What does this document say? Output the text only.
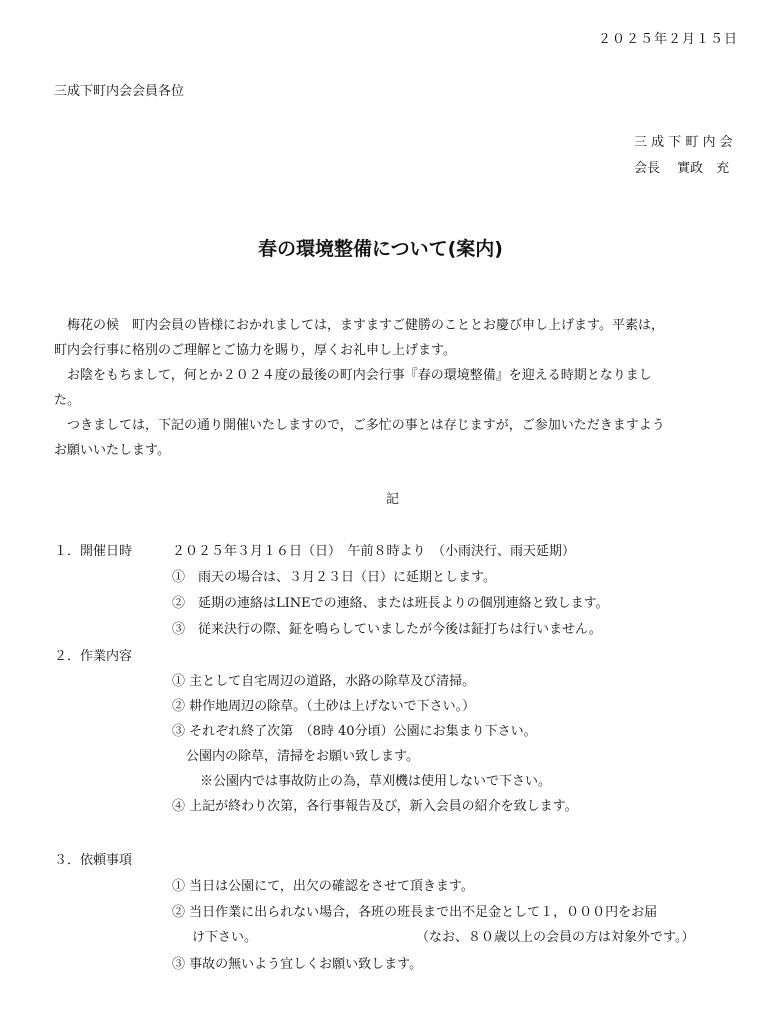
２０２５年２月１５日
三成下町内会会員各位
三 成 下 町 内 会
会長　 實政　充
春の環境整備について(案内)
　梅花の候　町内会員の皆様におかれましては，ますますご健勝のこととお慶び申し上げます。平素は，
町内会行事に格別のご理解とご協力を賜り，厚くお礼申し上げます。
　お陰をもちまして，何とか２０２４度の最後の町内会行事『春の環境整備』を迎える時期となりまし
た。
　つきましては，下記の通り開催いたしますので，ご多忙の事とは存じますが，ご参加いただきますよう
お願いいたします。
記
１．開催日時	２０２５年３月１６日（日）　午前８時より　（小雨決行、雨天延期）
①　雨天の場合は、３月２３日（日）に延期とします。
②　延期の連絡はLINEでの連絡、または班長よりの個別連絡と致します。
③　従来決行の際、鉦を鳴らしていましたが今後は鉦打ちは行いません。
２．作業内容
① 主として自宅周辺の道路，水路の除草及び清掃。
② 耕作地周辺の除草。（土砂は上げないで下さい。）
③ それぞれ終了次第　（8時 40分頃）公園にお集まり下さい。
公園内の除草，清掃をお願い致します。
※公園内では事故防止の為，草刈機は使用しないで下さい。
④ 上記が終わり次第，各行事報告及び，新入会員の紹介を致します。
３．依頼事項
① 当日は公園にて，出欠の確認をさせて頂きます。
② 当日作業に出られない場合，各班の班長まで出不足金として１，０００円をお届
け下さい。	（なお、８０歳以上の会員の方は対象外です。）
③ 事故の無いよう宜しくお願い致します。
